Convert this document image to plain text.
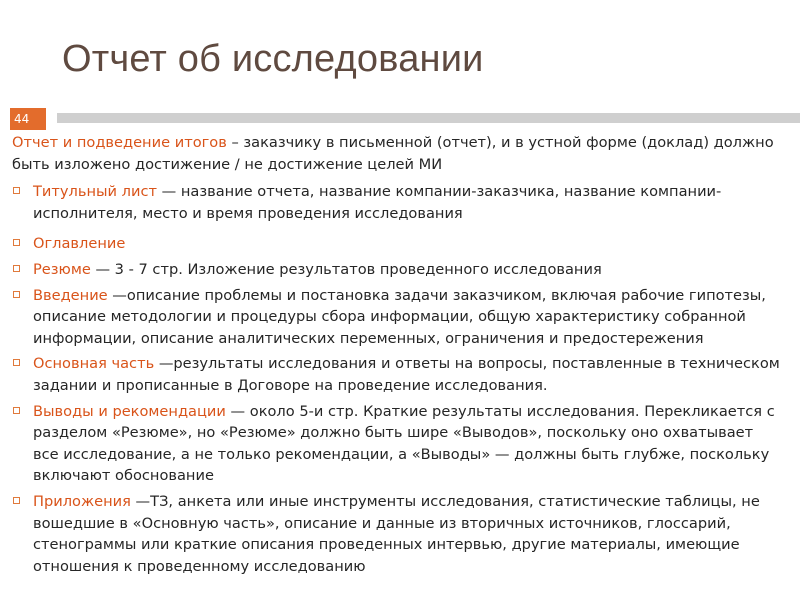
Отчет об исследовании
44

Отчет и подведение итогов – заказчику в письменной (отчет), и в устной форме (доклад) должно быть изложено достижение / не достижение целей МИ

Титульный лист — название отчета, название компании-заказчика, название компании-исполнителя, место и время проведения исследования
Оглавление
Резюме — 3 - 7 стр. Изложение результатов проведенного исследования
Введение —описание проблемы и постановка задачи заказчиком, включая рабочие гипотезы, описание методологии и процедуры сбора информации, общую характеристику собранной информации, описание аналитических переменных, ограничения и предостережения
Основная часть —результаты исследования и ответы на вопросы, поставленные в техническом задании и прописанные в Договоре на проведение исследования.
Выводы и рекомендации — около 5-и стр. Краткие результаты исследования. Перекликается с разделом «Резюме», но «Резюме» должно быть шире «Выводов», поскольку оно охватывает все исследование, а не только рекомендации, а «Выводы» — должны быть глубже, поскольку включают обоснование
Приложения —ТЗ, анкета или иные инструменты исследования, статистические таблицы, не вошедшие в «Основную часть», описание и данные из вторичных источников, глоссарий, стенограммы или краткие описания проведенных интервью, другие материалы, имеющие отношения к проведенному исследованию
